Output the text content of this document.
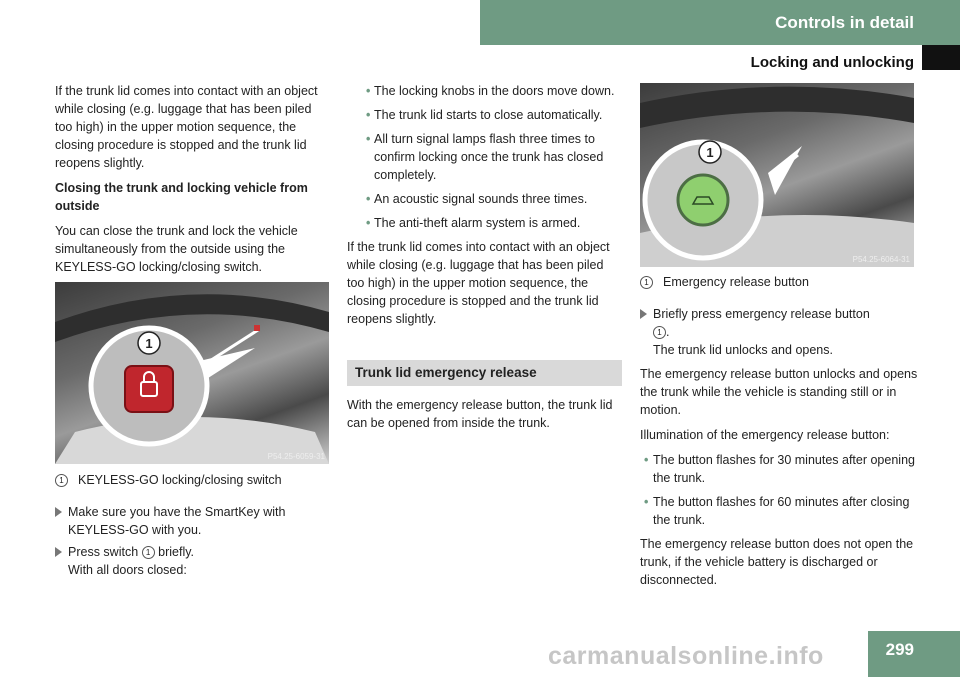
Controls in detail
Locking and unlocking

If the trunk lid comes into contact with an object while closing (e.g. luggage that has been piled too high) in the upper motion sequence, the closing procedure is stopped and the trunk lid reopens slightly.

Closing the trunk and locking vehicle from outside

You can close the trunk and lock the vehicle simultaneously from the outside using the KEYLESS-GO locking/closing switch.

1
P54.25-6059-31
1	KEYLESS-GO locking/closing switch
Make sure you have the SmartKey with KEYLESS-GO with you.
Press switch 1 briefly.
With all doors closed:
• The locking knobs in the doors move down.
• The trunk lid starts to close automatically.
• All turn signal lamps flash three times to confirm locking once the trunk has closed completely.
• An acoustic signal sounds three times.
• The anti-theft alarm system is armed.

If the trunk lid comes into contact with an object while closing (e.g. luggage that has been piled too high) in the upper motion sequence, the closing procedure is stopped and the trunk lid reopens slightly.

Trunk lid emergency release

With the emergency release button, the trunk lid can be opened from inside the trunk.

1
P54.25-6064-31
1	Emergency release button
Briefly press emergency release button
1 .
The trunk lid unlocks and opens.

The emergency release button unlocks and opens the trunk while the vehicle is standing still or in motion.

Illumination of the emergency release button:

• The button flashes for 30 minutes after opening the trunk.
• The button flashes for 60 minutes after closing the trunk.

The emergency release button does not open the trunk, if the vehicle battery is discharged or disconnected.

carmanualsonline.info	299
